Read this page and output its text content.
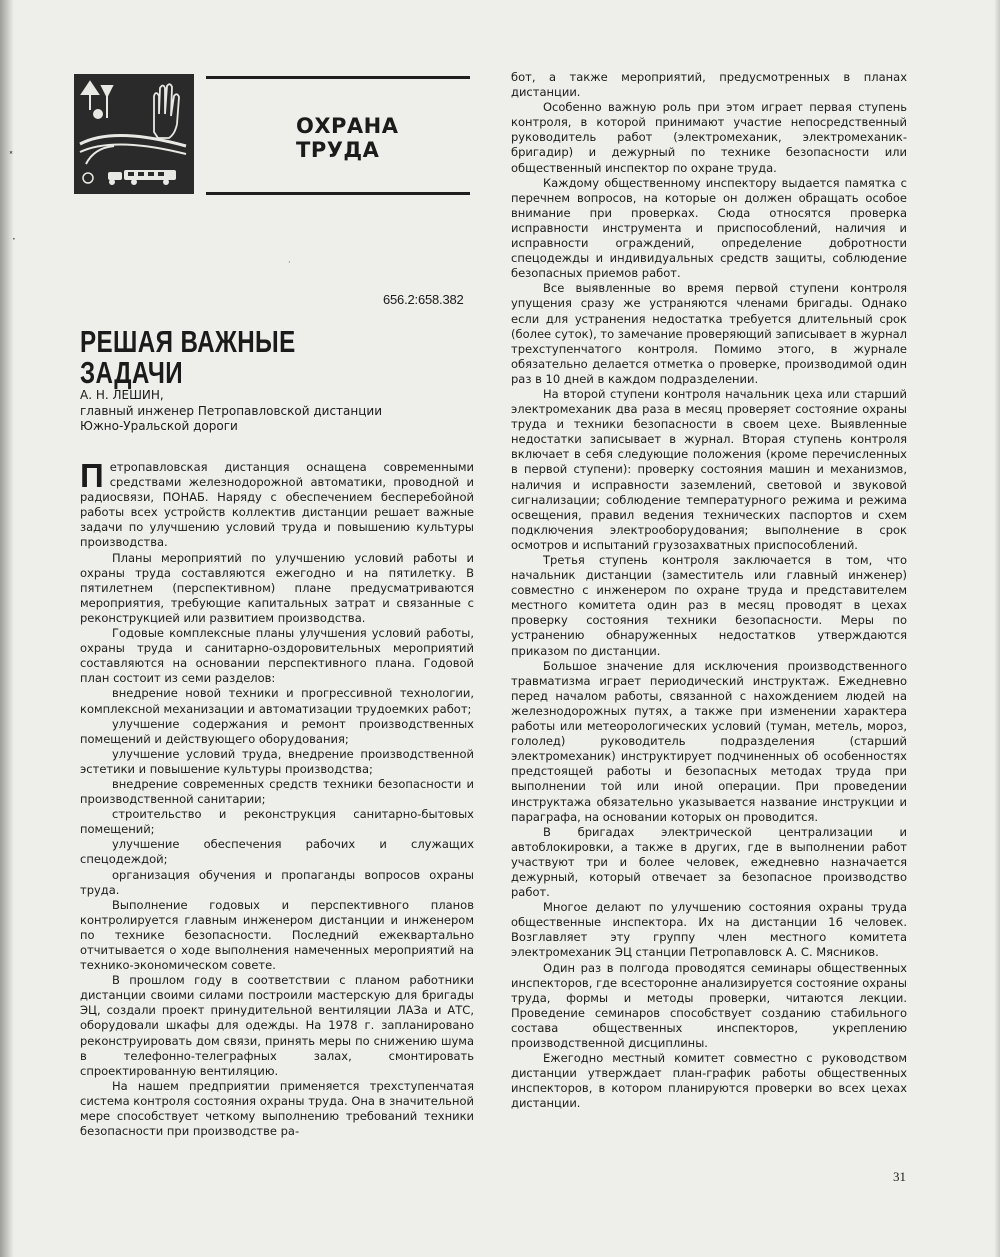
˟
·
·
ОХРАНА ТРУДА
656.2:658.382
РЕШАЯ ВАЖНЫЕ ЗАДАЧИ
А. Н. ЛЕШИН,
главный инженер Петропавловской дистанции
Южно-Уральской дороги

Петропавловская дистанция оснащена современными средствами железнодорожной автоматики, проводной и радиосвязи, ПОНАБ. Наряду с обеспечением бесперебойной работы всех устройств коллектив дистанции решает важные задачи по улучшению условий труда и повышению культуры производства.

Планы мероприятий по улучшению условий работы и охраны труда составляются ежегодно и на пятилетку. В пятилетнем (перспективном) плане предусматриваются мероприятия, требующие капитальных затрат и связанные с реконструкцией или развитием производства.

Годовые комплексные планы улучшения условий работы, охраны труда и санитарно-оздоровительных мероприятий составляются на основании перспективного плана. Годовой план состоит из семи разделов:

внедрение новой техники и прогрессивной технологии, комплексной механизации и автоматизации трудоемких работ;

улучшение содержания и ремонт производственных помещений и действующего оборудования;

улучшение условий труда, внедрение производственной эстетики и повышение культуры производства;

внедрение современных средств техники безопасности и производственной санитарии;

строительство и реконструкция санитарно-бытовых помещений;

улучшение обеспечения рабочих и служащих спецодеждой;

организация обучения и пропаганды вопросов охраны труда.

Выполнение годовых и перспективного планов контролируется главным инженером дистанции и инженером по технике безопасности. Последний ежеквартально отчитывается о ходе выполнения намеченных мероприятий на технико-экономическом совете.

В прошлом году в соответствии с планом работники дистанции своими силами построили мастерскую для бригады ЭЦ, создали проект принудительной вентиляции ЛАЗа и АТС, оборудовали шкафы для одежды. На 1978 г. запланировано реконструировать дом связи, принять меры по снижению шума в телефонно-телеграфных залах, смонтировать спроектированную вентиляцию.

На нашем предприятии применяется трехступенчатая система контроля состояния охраны труда. Она в значительной мере способствует четкому выполнению требований техники безопасности при производстве ра-

бот, а также мероприятий, предусмотренных в планах дистанции.

Особенно важную роль при этом играет первая ступень контроля, в которой принимают участие непосредственный руководитель работ (электромеханик, электромеханик-бригадир) и дежурный по технике безопасности или общественный инспектор по охране труда.

Каждому общественному инспектору выдается памятка с перечнем вопросов, на которые он должен обращать особое внимание при проверках. Сюда относятся проверка исправности инструмента и приспособлений, наличия и исправности ограждений, определение добротности спецодежды и индивидуальных средств защиты, соблюдение безопасных приемов работ.

Все выявленные во время первой ступени контроля упущения сразу же устраняются членами бригады. Однако если для устранения недостатка требуется длительный срок (более суток), то замечание проверяющий записывает в журнал трехступенчатого контроля. Помимо этого, в журнале обязательно делается отметка о проверке, производимой один раз в 10 дней в каждом подразделении.

На второй ступени контроля начальник цеха или старший электромеханик два раза в месяц проверяет состояние охраны труда и техники безопасности в своем цехе. Выявленные недостатки записывает в журнал. Вторая ступень контроля включает в себя следующие положения (кроме перечисленных в первой ступени): проверку состояния машин и механизмов, наличия и исправности заземлений, световой и звуковой сигнализации; соблюдение температурного режима и режима освещения, правил ведения технических паспортов и схем подключения электрооборудования; выполнение в срок осмотров и испытаний грузозахватных приспособлений.

Третья ступень контроля заключается в том, что начальник дистанции (заместитель или главный инженер) совместно с инженером по охране труда и представителем местного комитета один раз в месяц проводят в цехах проверку состояния техники безопасности. Меры по устранению обнаруженных недостатков утверждаются приказом по дистанции.

Большое значение для исключения производственного травматизма играет периодический инструктаж. Ежедневно перед началом работы, связанной с нахождением людей на железнодорожных путях, а также при изменении характера работы или метеорологических условий (туман, метель, мороз, гололед) руководитель подразделения (старший электромеханик) инструктирует подчиненных об особенностях предстоящей работы и безопасных методах труда при выполнении той или иной операции. При проведении инструктажа обязательно указывается название инструкции и параграфа, на основании которых он проводится.

В бригадах электрической централизации и автоблокировки, а также в других, где в выполнении работ участвуют три и более человек, ежедневно назначается дежурный, который отвечает за безопасное производство работ.

Многое делают по улучшению состояния охраны труда общественные инспектора. Их на дистанции 16 человек. Возглавляет эту группу член местного комитета электромеханик ЭЦ станции Петропавловск А. С. Мясников.

Один раз в полгода проводятся семинары общественных инспекторов, где всесторонне анализируется состояние охраны труда, формы и методы проверки, читаются лекции. Проведение семинаров способствует созданию стабильного состава общественных инспекторов, укреплению производственной дисциплины.

Ежегодно местный комитет совместно с руководством дистанции утверждает план-график работы общественных инспекторов, в котором планируются проверки во всех цехах дистанции.

31
